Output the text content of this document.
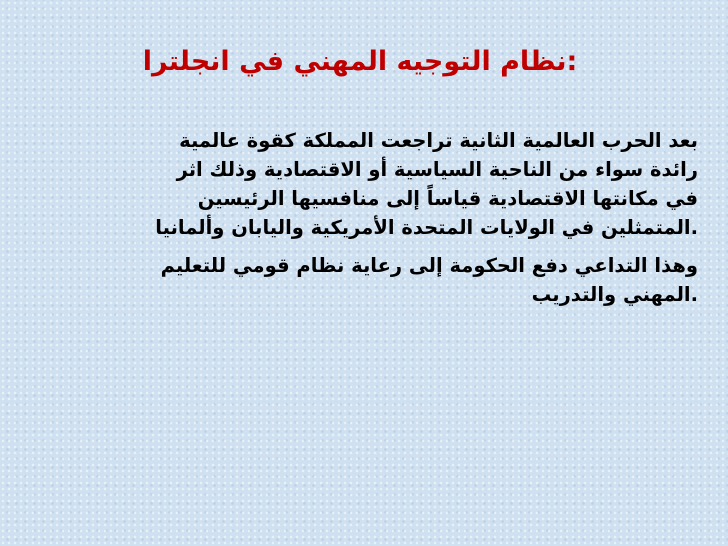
:نظام التوجيه المهني في انجلترا

بعد الحرب العالمية الثانية تراجعت المملكة كقوة عالمية
رائدة سواء من الناحية السياسية أو الاقتصادية وذلك اثر
في مكانتها الاقتصادية قياساً إلى منافسيها الرئيسين
.المتمثلين في الولايات المتحدة الأمريكية واليابان وألمانيا

وهذا التداعي دفع الحكومة إلى رعاية نظام قومي للتعليم
.المهني والتدريب
